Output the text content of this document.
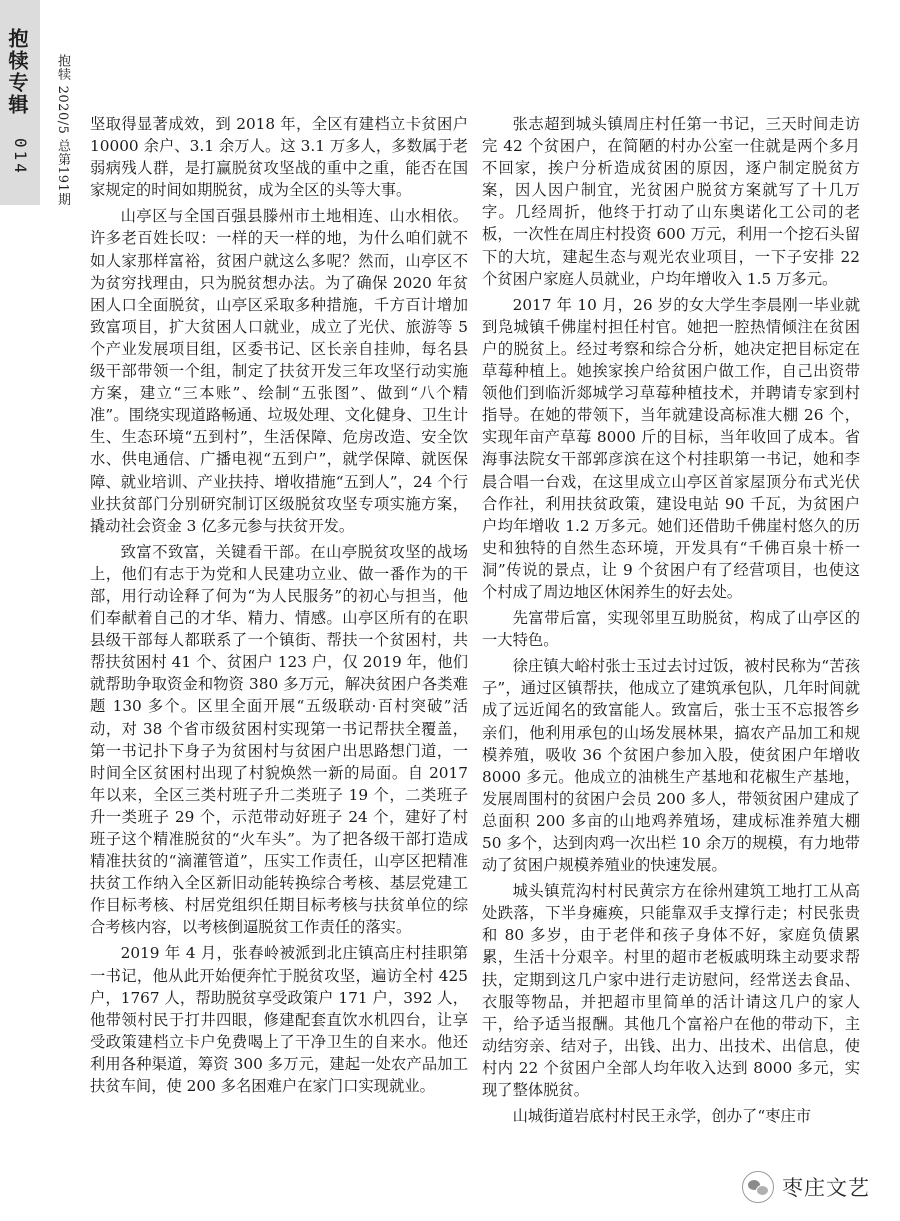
抱犊专辑
014 抱犊 2020/5 总第191期 坚取得显著成效，到 2018 年，全区有建档立卡贫困户 10000 余户、3.1 余万人。这 3.1 万多人，多数属于老弱病残人群，是打赢脱贫攻坚战的重中之重，能否在国家规定的时间如期脱贫，成为全区的头等大事。

山亭区与全国百强县滕州市土地相连、山水相依。许多老百姓长叹：一样的天一样的地，为什么咱们就不如人家那样富裕，贫困户就这么多呢？然而，山亭区不为贫穷找理由，只为脱贫想办法。为了确保 2020 年贫困人口全面脱贫，山亭区采取多种措施，千方百计增加致富项目，扩大贫困人口就业，成立了光伏、旅游等 5 个产业发展项目组，区委书记、区长亲自挂帅，每名县级干部带领一个组，制定了扶贫开发三年攻坚行动实施方案，建立“三本账”、绘制“五张图”、做到“八个精准”。围绕实现道路畅通、垃圾处理、文化健身、卫生计生、生态环境“五到村”，生活保障、危房改造、安全饮水、供电通信、广播电视“五到户”，就学保障、就医保障、就业培训、产业扶持、增收措施“五到人”，24 个行业扶贫部门分别研究制订区级脱贫攻坚专项实施方案，撬动社会资金 3 亿多元参与扶贫开发。

致富不致富，关键看干部。在山亭脱贫攻坚的战场上，他们有志于为党和人民建功立业、做一番作为的干部，用行动诠释了何为“为人民服务”的初心与担当，他们奉献着自己的才华、精力、情感。山亭区所有的在职县级干部每人都联系了一个镇街、帮扶一个贫困村，共帮扶贫困村 41 个、贫困户 123 户，仅 2019 年，他们就帮助争取资金和物资 380 多万元，解决贫困户各类难题 130 多个。区里全面开展“五级联动·百村突破”活动，对 38 个省市级贫困村实现第一书记帮扶全覆盖，第一书记扑下身子为贫困村与贫困户出思路想门道，一时间全区贫困村出现了村貌焕然一新的局面。自 2017 年以来，全区三类村班子升二类班子 19 个，二类班子升一类班子 29 个，示范带动好班子 24 个，建好了村班子这个精准脱贫的“火车头”。为了把各级干部打造成精准扶贫的“滴灌管道”，压实工作责任，山亭区把精准扶贫工作纳入全区新旧动能转换综合考核、基层党建工作目标考核、村居党组织任期目标考核与扶贫单位的综合考核内容，以考核倒逼脱贫工作责任的落实。

2019 年 4 月，张春岭被派到北庄镇高庄村挂职第一书记，他从此开始便奔忙于脱贫攻坚，遍访全村 425 户，1767 人，帮助脱贫享受政策户 171 户，392 人，他带领村民于打井四眼，修建配套直饮水机四台，让享受政策建档立卡户免费喝上了干净卫生的自来水。他还利用各种渠道，筹资 300 多万元，建起一处农产品加工扶贫车间，使 200 多名困难户在家门口实现就业。

张志超到城头镇周庄村任第一书记，三天时间走访完 42 个贫困户，在简陋的村办公室一住就是两个多月不回家，挨户分析造成贫困的原因，逐户制定脱贫方案，因人因户制宜，光贫困户脱贫方案就写了十几万字。几经周折，他终于打动了山东奥诺化工公司的老板，一次性在周庄村投资 600 万元，利用一个挖石头留下的大坑，建起生态与观光农业项目，一下子安排 22 个贫困户家庭人员就业，户均年增收入 1.5 万多元。

2017 年 10 月，26 岁的女大学生李晨刚一毕业就到凫城镇千佛崖村担任村官。她把一腔热情倾注在贫困户的脱贫上。经过考察和综合分析，她决定把目标定在草莓种植上。她挨家挨户给贫困户做工作，自己出资带领他们到临沂郯城学习草莓种植技术，并聘请专家到村指导。在她的带领下，当年就建设高标准大棚 26 个，实现年亩产草莓 8000 斤的目标，当年收回了成本。省海事法院女干部郭彦滨在这个村挂职第一书记，她和李晨合唱一台戏，在这里成立山亭区首家屋顶分布式光伏合作社，利用扶贫政策，建设电站 90 千瓦，为贫困户户均年增收 1.2 万多元。她们还借助千佛崖村悠久的历史和独特的自然生态环境，开发具有“千佛百泉十桥一洞”传说的景点，让 9 个贫困户有了经营项目，也使这个村成了周边地区休闲养生的好去处。

先富带后富，实现邻里互助脱贫，构成了山亭区的一大特色。

徐庄镇大峪村张士玉过去讨过饭，被村民称为“苦孩子”，通过区镇帮扶，他成立了建筑承包队，几年时间就成了远近闻名的致富能人。致富后，张士玉不忘报答乡亲们，他利用承包的山场发展林果，搞农产品加工和规模养殖，吸收 36 个贫困户参加入股，使贫困户年增收 8000 多元。他成立的油桃生产基地和花椒生产基地，发展周围村的贫困户会员 200 多人，带领贫困户建成了总面积 200 多亩的山地鸡养殖场，建成标准养殖大棚 50 多个，达到肉鸡一次出栏 10 余万的规模，有力地带动了贫困户规模养殖业的快速发展。

城头镇荒沟村村民黄宗方在徐州建筑工地打工从高处跌落，下半身瘫痪，只能靠双手支撑行走；村民张贵和 80 多岁，由于老伴和孩子身体不好，家庭负债累累，生活十分艰辛。村里的超市老板戚明珠主动要求帮扶，定期到这几户家中进行走访慰问，经常送去食品、衣服等物品，并把超市里简单的活计请这几户的家人干，给予适当报酬。其他几个富裕户在他的带动下，主动结穷亲、结对子，出钱、出力、出技术、出信息，使村内 22 个贫困户全部人均年收入达到 8000 多元，实现了整体脱贫。

山城街道岩底村村民王永学，创办了“枣庄市

枣庄文艺
